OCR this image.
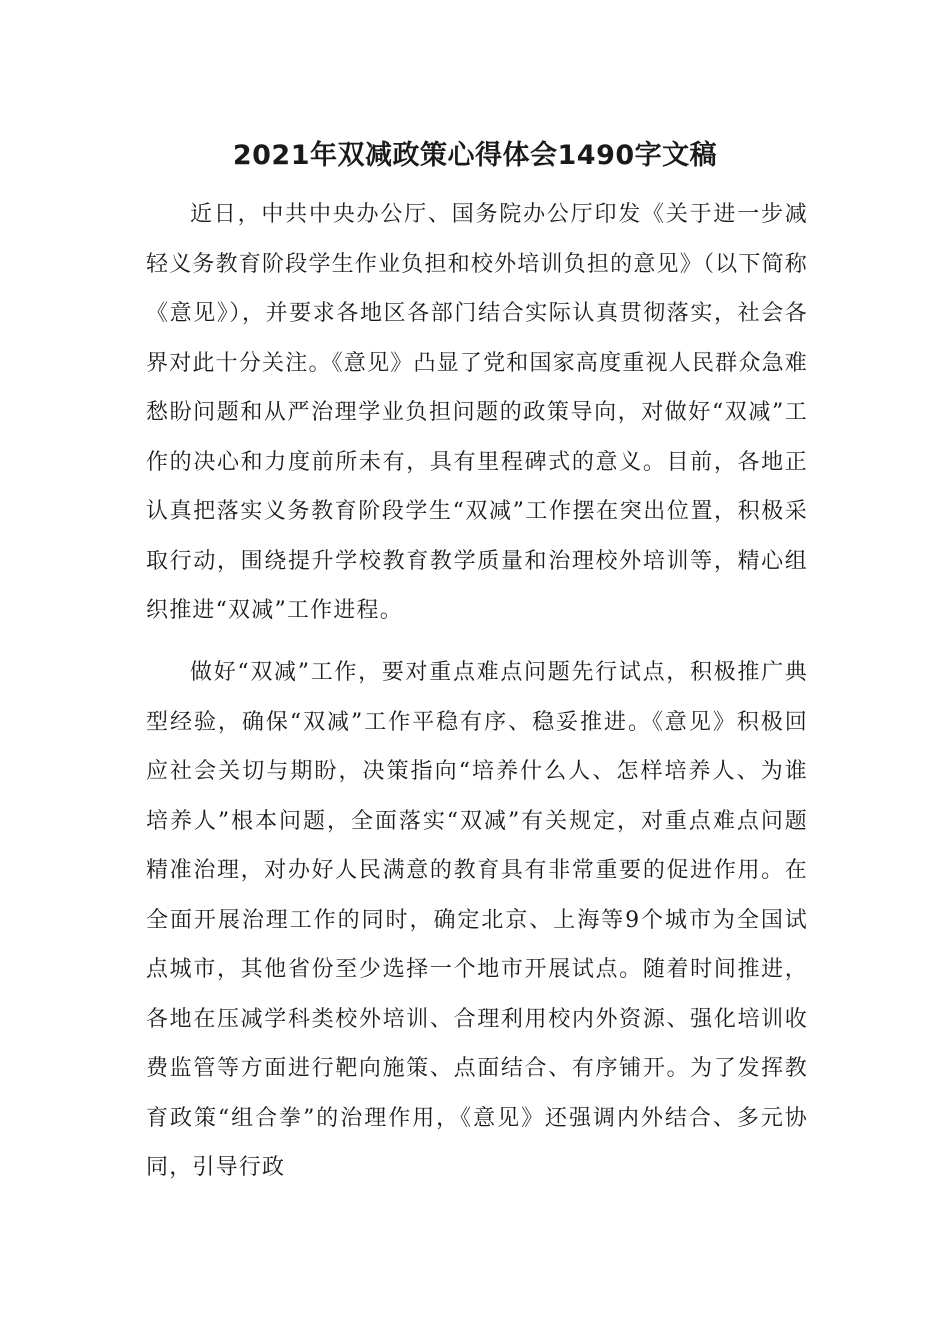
2021年双减政策心得体会1490字文稿

近日，中共中央办公厅、国务院办公厅印发《关于进一步减轻义务教育阶段学生作业负担和校外培训负担的意见》（以下简称《意见》），并要求各地区各部门结合实际认真贯彻落实，社会各界对此十分关注。《意见》凸显了党和国家高度重视人民群众急难愁盼问题和从严治理学业负担问题的政策导向，对做好“双减”工作的决心和力度前所未有，具有里程碑式的意义。目前，各地正认真把落实义务教育阶段学生“双减”工作摆在突出位置，积极采取行动，围绕提升学校教育教学质量和治理校外培训等，精心组织推进“双减”工作进程。

做好“双减”工作，要对重点难点问题先行试点，积极推广典型经验，确保“双减”工作平稳有序、稳妥推进。《意见》积极回应社会关切与期盼，决策指向“培养什么人、怎样培养人、为谁培养人”根本问题，全面落实“双减”有关规定，对重点难点问题精准治理，对办好人民满意的教育具有非常重要的促进作用。在全面开展治理工作的同时，确定北京、上海等9个城市为全国试点城市，其他省份至少选择一个地市开展试点。随着时间推进，各地在压减学科类校外培训、合理利用校内外资源、强化培训收费监管等方面进行靶向施策、点面结合、有序铺开。为了发挥教育政策“组合拳”的治理作用，《意见》还强调内外结合、多元协同，引导行政
